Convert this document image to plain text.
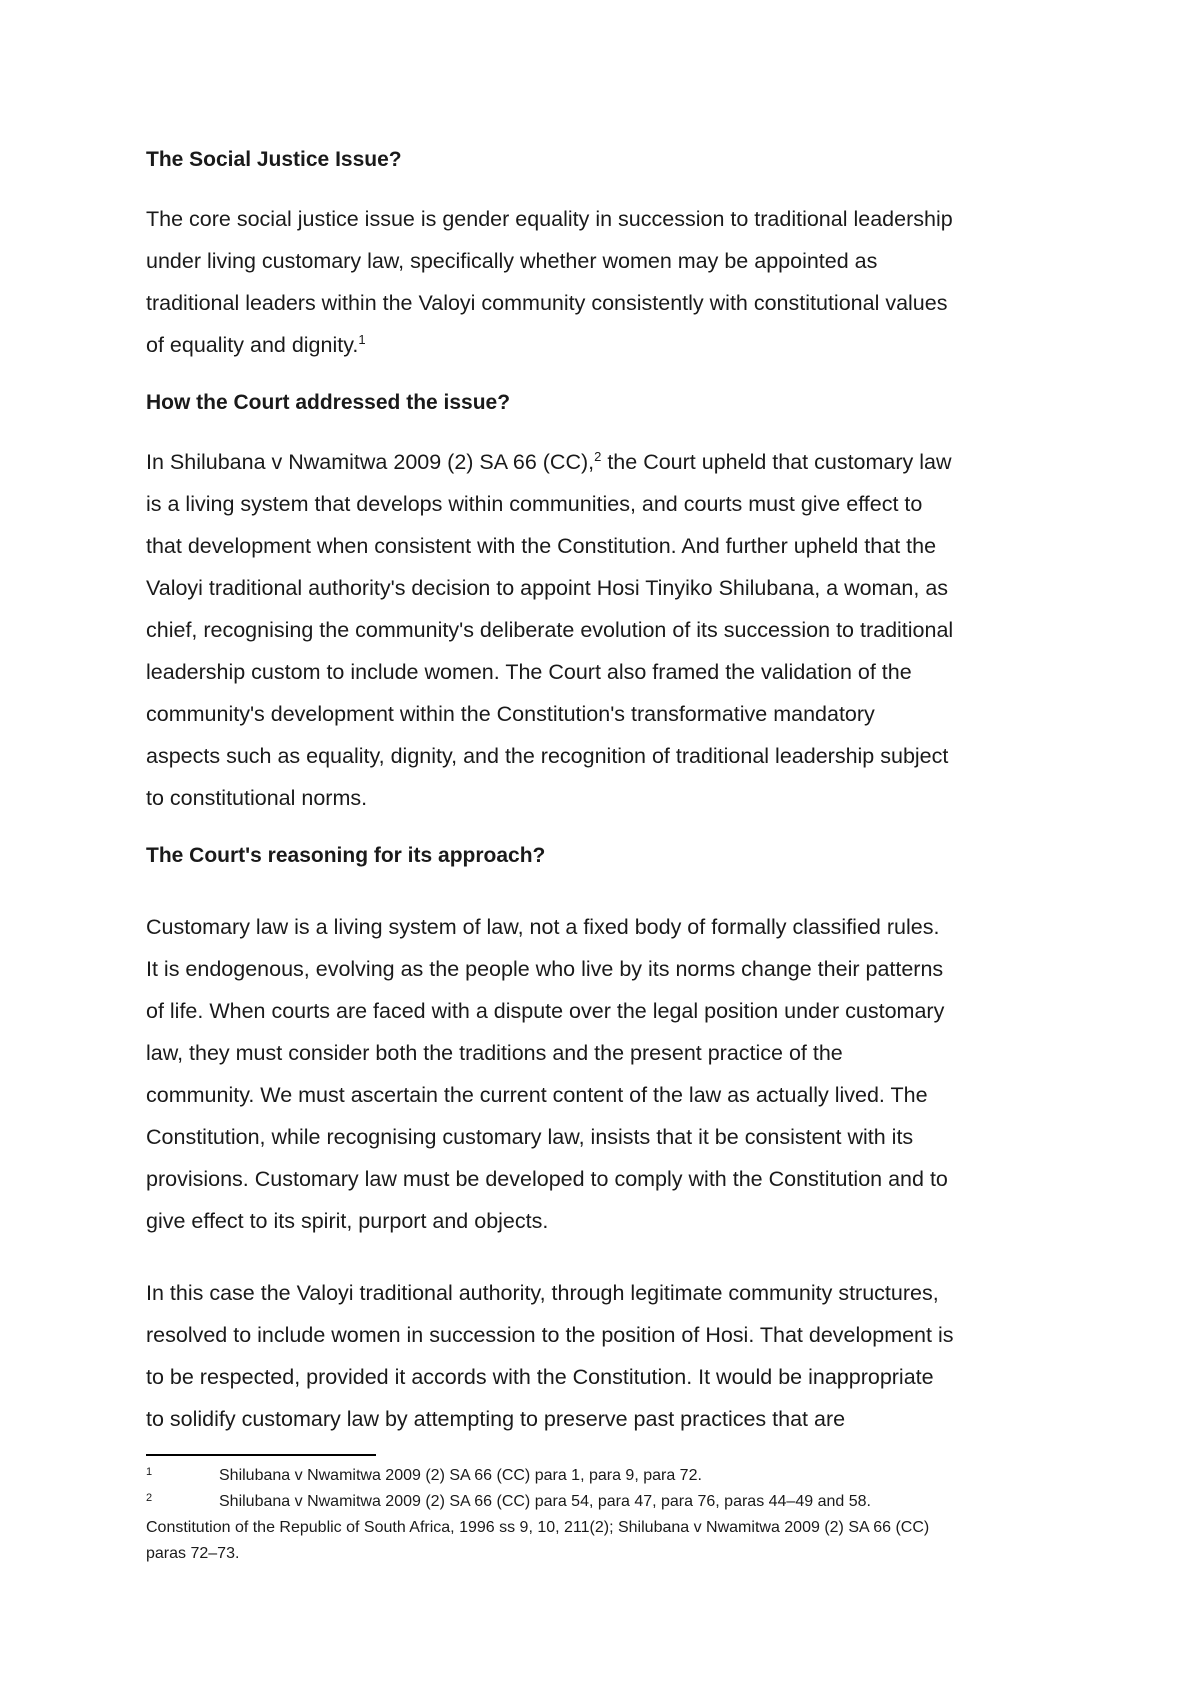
The Social Justice Issue?

The core social justice issue is gender equality in succession to traditional leadership

under living customary law, specifically whether women may be appointed as

traditional leaders within the Valoyi community consistently with constitutional values

of equality and dignity.$^1$

How the Court addressed the issue?

In Shilubana v Nwamitwa 2009 (2) SA 66 (CC),$^2$ the Court upheld that customary law

is a living system that develops within communities, and courts must give effect to

that development when consistent with the Constitution. And further upheld that the

Valoyi traditional authority's decision to appoint Hosi Tinyiko Shilubana, a woman, as

chief, recognising the community's deliberate evolution of its succession to traditional

leadership custom to include women. The Court also framed the validation of the

community's development within the Constitution's transformative mandatory

aspects such as equality, dignity, and the recognition of traditional leadership subject

to constitutional norms.

The Court's reasoning for its approach?

Customary law is a living system of law, not a fixed body of formally classified rules.

It is endogenous, evolving as the people who live by its norms change their patterns

of life. When courts are faced with a dispute over the legal position under customary

law, they must consider both the traditions and the present practice of the

community. We must ascertain the current content of the law as actually lived. The

Constitution, while recognising customary law, insists that it be consistent with its

provisions. Customary law must be developed to comply with the Constitution and to

give effect to its spirit, purport and objects.

In this case the Valoyi traditional authority, through legitimate community structures,

resolved to include women in succession to the position of Hosi. That development is

to be respected, provided it accords with the Constitution. It would be inappropriate

to solidify customary law by attempting to preserve past practices that are

1	Shilubana v Nwamitwa 2009 (2) SA 66 (CC) para 1, para 9, para 72.

2	Shilubana v Nwamitwa 2009 (2) SA 66 (CC) para 54, para 47, para 76, paras 44–49 and 58.

Constitution of the Republic of South Africa, 1996 ss 9, 10, 211(2); Shilubana v Nwamitwa 2009 (2) SA 66 (CC)

paras 72–73.
